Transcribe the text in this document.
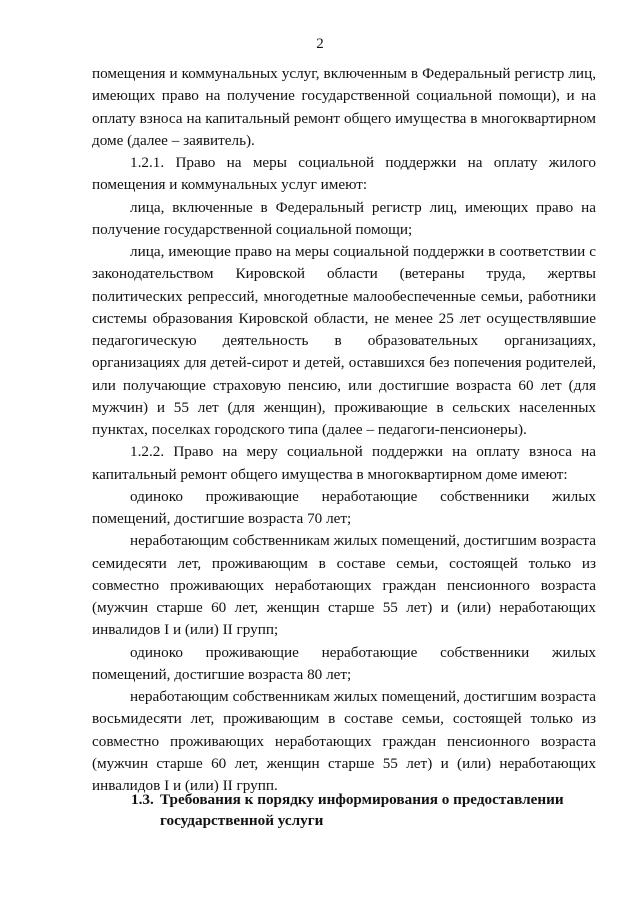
2

помещения и коммунальных услуг, включенным в Федеральный регистр лиц, имеющих право на получение государственной социальной помощи), и на оплату взноса на капитальный ремонт общего имущества в многоквартирном доме (далее – заявитель).

1.2.1. Право на меры социальной поддержки на оплату жилого помещения и коммунальных услуг имеют:

лица, включенные в Федеральный регистр лиц, имеющих право на получение государственной социальной помощи;

лица, имеющие право на меры социальной поддержки в соответствии с законодательством Кировской области (ветераны труда, жертвы политических репрессий, многодетные малообеспеченные семьи, работники системы образования Кировской области, не менее 25 лет осуществлявшие педагогическую деятельность в образовательных организациях, организациях для детей-сирот и детей, оставшихся без попечения родителей, или получающие страховую пенсию, или достигшие возраста 60 лет (для мужчин) и 55 лет (для женщин), проживающие в сельских населенных пунктах, поселках городского типа (далее – педагоги-пенсионеры).

1.2.2. Право на меру социальной поддержки на оплату взноса на капитальный ремонт общего имущества в многоквартирном доме имеют:

одиноко проживающие неработающие собственники жилых помещений, достигшие возраста 70 лет;

неработающим собственникам жилых помещений, достигшим возраста семидесяти лет, проживающим в составе семьи, состоящей только из совместно проживающих неработающих граждан пенсионного возраста (мужчин старше 60 лет, женщин старше 55 лет) и (или) неработающих инвалидов I и (или) II групп;

одиноко проживающие неработающие собственники жилых помещений, достигшие возраста 80 лет;

неработающим собственникам жилых помещений, достигшим возраста восьмидесяти лет, проживающим в составе семьи, состоящей только из совместно проживающих неработающих граждан пенсионного возраста (мужчин старше 60 лет, женщин старше 55 лет) и (или) неработающих инвалидов I и (или) II групп.

1.3. Требования к порядку информирования о предоставлении
государственной услуги
